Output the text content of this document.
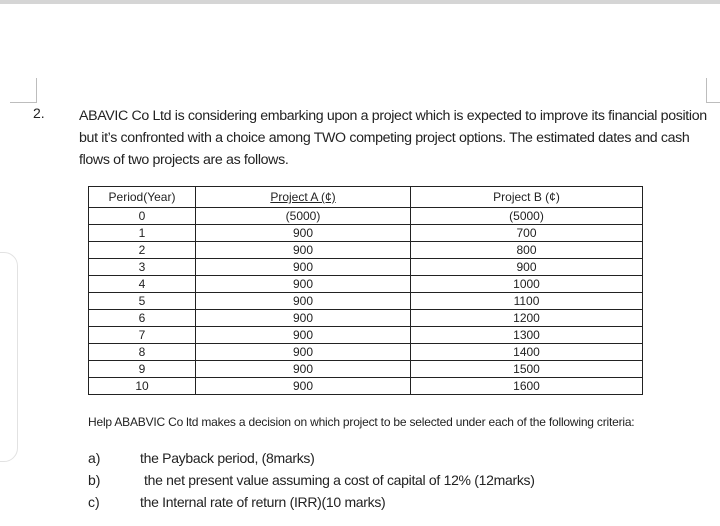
2. ABAVIC Co Ltd is considering embarking upon a project which is expected to improve its financial position but it’s confronted with a choice among TWO competing project options. The estimated dates and cash flows of two projects are as follows.
Period(Year)	Project A (¢)	Project B (¢)
0	(5000)	(5000)
1	900	700
2	900	800
3	900	900
4	900	1000
5	900	1100
6	900	1200
7	900	1300
8	900	1400
9	900	1500
10	900	1600
Help ABABVIC Co ltd makes a decision on which project to be selected under each of the following criteria:
a)	the Payback period, (8marks)
b)	the net present value assuming a cost of capital of 12% (12marks)
c)	the Internal rate of return (IRR)(10 marks)
